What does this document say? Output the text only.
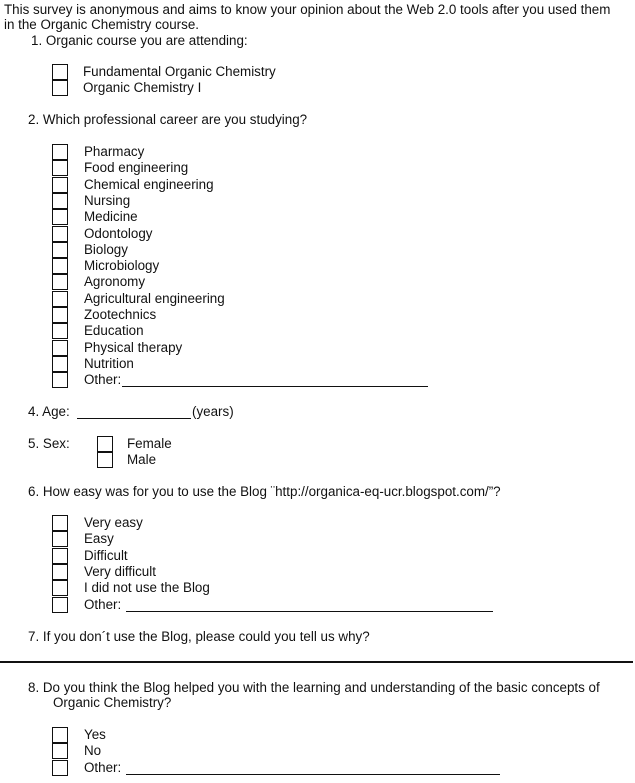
This survey is anonymous and aims to know your opinion about the Web 2.0 tools after you used them
in the Organic Chemistry course.
1. Organic course you are attending:
Fundamental Organic Chemistry
Organic Chemistry I
2. Which professional career are you studying?
Pharmacy
Food engineering
Chemical engineering
Nursing
Medicine
Odontology
Biology
Microbiology
Agronomy
Agricultural engineering
Zootechnics
Education
Physical therapy
Nutrition
Other:
4. Age:	(years)
5. Sex:	Female
Male
6. How easy was for you to use the Blog ¨http://organica-eq-ucr.blogspot.com/”?
Very easy
Easy
Difficult
Very difficult
I did not use the Blog
Other:
7. If you don´t use the Blog, please could you tell us why?
8. Do you think the Blog helped you with the learning and understanding of the basic concepts of
Organic Chemistry?
Yes
No
Other:
